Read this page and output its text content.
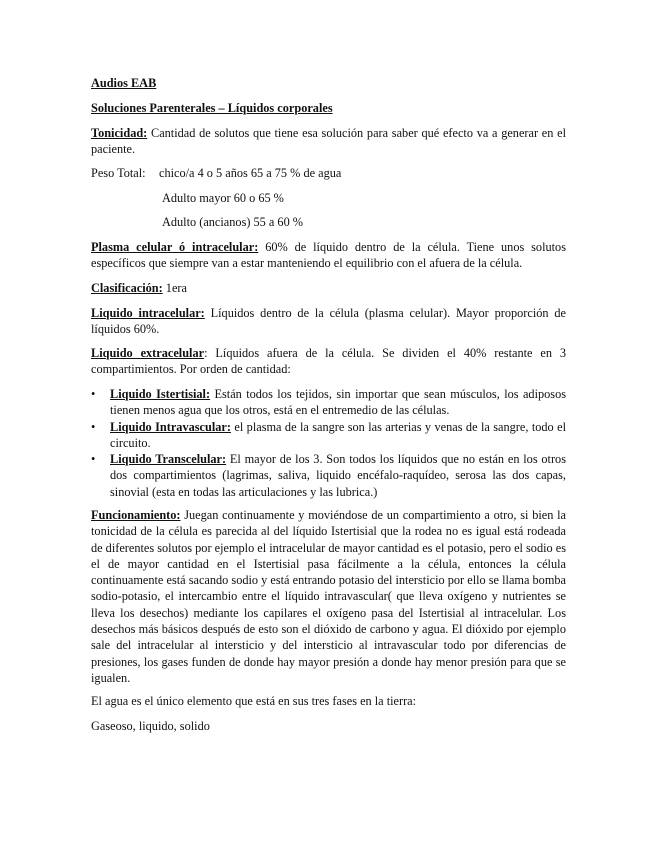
Audios EAB

Soluciones Parenterales – Líquidos corporales

Tonicidad: Cantidad de solutos que tiene esa solución para saber qué efecto va a generar en el paciente.

Peso Total:	chico/a 4 o 5 años 65 a 75 % de agua
Adulto mayor 60 o 65 %
Adulto (ancianos) 55 a 60 %

Plasma celular ó intracelular: 60% de líquido dentro de la célula. Tiene unos solutos específicos que siempre van a estar manteniendo el equilibrio con el afuera de la célula.

Clasificación: 1era

Liquido intracelular: Líquidos dentro de la célula (plasma celular). Mayor proporción de líquidos 60%.

Liquido extracelular: Líquidos afuera de la célula. Se dividen el 40% restante en 3 compartimientos. Por orden de cantidad:

• Liquido Istertisial: Están todos los tejidos, sin importar que sean músculos, los adiposos tienen menos agua que los otros, está en el entremedio de las células.

• Liquido Intravascular: el plasma de la sangre son las arterias y venas de la sangre, todo el circuito.

• Liquido Transcelular: El mayor de los 3. Son todos los líquidos que no están en los otros dos compartimientos (lagrimas, saliva, liquido encéfalo-raquídeo, serosa las dos capas, sinovial (esta en todas las articulaciones y las lubrica.)

Funcionamiento: Juegan continuamente y moviéndose de un compartimiento a otro, si bien la tonicidad de la célula es parecida al del líquido Istertisial que la rodea no es igual está rodeada de diferentes solutos por ejemplo el intracelular de mayor cantidad es el potasio, pero el sodio es el de mayor cantidad en el Istertisial pasa fácilmente a la célula, entonces la célula continuamente está sacando sodio y está entrando potasio del intersticio por ello se llama bomba sodio-potasio, el intercambio entre el líquido intravascular( que lleva oxígeno y nutrientes se lleva los desechos) mediante los capilares el oxígeno pasa del Istertisial al intracelular. Los desechos más básicos después de esto son el dióxido de carbono y agua. El dióxido por ejemplo sale del intracelular al intersticio y del intersticio al intravascular todo por diferencias de presiones, los gases funden de donde hay mayor presión a donde hay menor presión para que se igualen.

El agua es el único elemento que está en sus tres fases en la tierra:

Gaseoso, liquido, solido
